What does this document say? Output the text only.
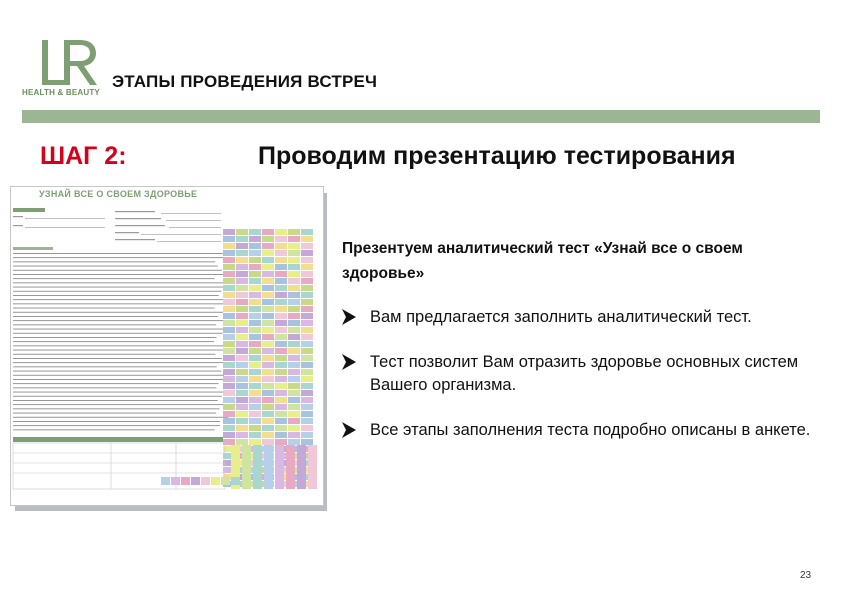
HEALTH & BEAUTY
ЭТАПЫ ПРОВЕДЕНИЯ ВСТРЕЧ
ШАГ 2:	Проводим презентацию тестирования
УЗНАЙ ВСЕ О СВОЕМ ЗДОРОВЬЕ

Презентуем аналитический тест «Узнай все о своем здоровье»

Вам предлагается заполнить аналитический тест.
Тест позволит Вам отразить здоровье основных систем Вашего организма.
Все этапы заполнения теста подробно описаны в анкете.
23
